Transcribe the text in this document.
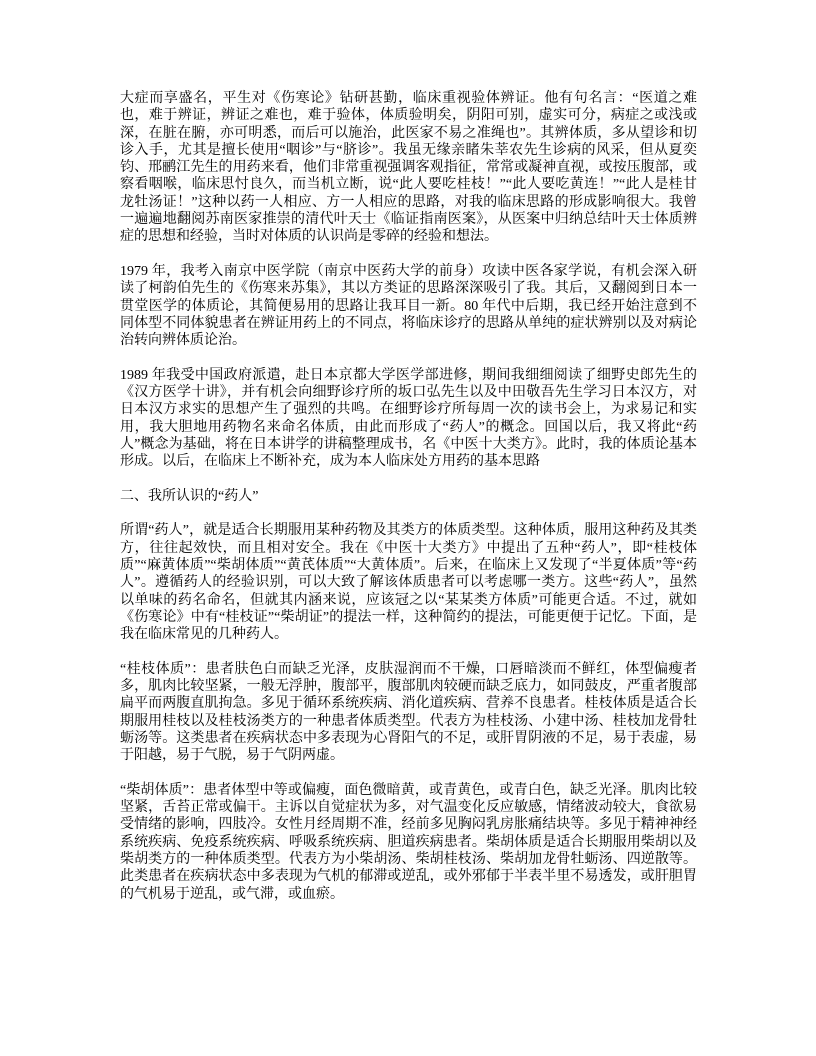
大症而享盛名，平生对《伤寒论》钻研甚勤，临床重视验体辨证。他有句名言：“医道之难也，难于辨证，辨证之难也，难于验体，体质验明矣，阴阳可别，虚实可分，病症之或浅或深，在脏在腑，亦可明悉，而后可以施治，此医家不易之准绳也”。其辨体质，多从望诊和切诊入手，尤其是擅长使用“咽诊”与“脐诊”。我虽无缘亲睹朱莘农先生诊病的风采，但从夏奕钧、邢鹂江先生的用药来看，他们非常重视强调客观指征，常常或凝神直视，或按压腹部，或察看咽喉，临床思忖良久，而当机立断，说“此人要吃桂枝！”“此人要吃黄连！”“此人是桂甘龙牡汤证！”这种以药一人相应、方一人相应的思路，对我的临床思路的形成影响很大。我曾一遍遍地翻阅苏南医家推崇的清代叶天士《临证指南医案》，从医案中归纳总结叶天士体质辨症的思想和经验，当时对体质的认识尚是零碎的经验和想法。

1979 年，我考入南京中医学院（南京中医药大学的前身）攻读中医各家学说，有机会深入研读了柯韵伯先生的《伤寒来苏集》，其以方类证的思路深深吸引了我。其后，又翻阅到日本一贯堂医学的体质论，其简便易用的思路让我耳目一新。80 年代中后期，我已经开始注意到不同体型不同体貌患者在辨证用药上的不同点，将临床诊疗的思路从单纯的症状辨别以及对病论治转向辨体质论治。

1989 年我受中国政府派遣，赴日本京都大学医学部进修，期间我细细阅读了细野史郎先生的《汉方医学十讲》，并有机会向细野诊疗所的坂口弘先生以及中田敬吾先生学习日本汉方，对日本汉方求实的思想产生了强烈的共鸣。在细野诊疗所每周一次的读书会上，为求易记和实用，我大胆地用药物名来命名体质，由此而形成了“药人”的概念。回国以后，我又将此“药人”概念为基础，将在日本讲学的讲稿整理成书，名《中医十大类方》。此时，我的体质论基本形成。以后，在临床上不断补充，成为本人临床处方用药的基本思路

二、我所认识的“药人”

所谓“药人”，就是适合长期服用某种药物及其类方的体质类型。这种体质，服用这种药及其类方，往往起效快，而且相对安全。我在《中医十大类方》中提出了五种“药人”，即“桂枝体质”“麻黄体质”“柴胡体质”“黄芪体质”“大黄体质”。后来，在临床上又发现了“半夏体质”等“药人”。遵循药人的经验识别，可以大致了解该体质患者可以考虑哪一类方。这些“药人”，虽然以单味的药名命名，但就其内涵来说，应该冠之以“某某类方体质”可能更合适。不过，就如《伤寒论》中有“桂枝证”“柴胡证”的提法一样，这种简约的提法，可能更便于记忆。下面，是我在临床常见的几种药人。

“桂枝体质”：患者肤色白而缺乏光泽，皮肤湿润而不干燥，口唇暗淡而不鲜红，体型偏瘦者多，肌肉比较坚紧，一般无浮肿，腹部平，腹部肌肉较硬而缺乏底力，如同鼓皮，严重者腹部扁平而两腹直肌拘急。多见于循环系统疾病、消化道疾病、营养不良患者。桂枝体质是适合长期服用桂枝以及桂枝汤类方的一种患者体质类型。代表方为桂枝汤、小建中汤、桂枝加龙骨牡蛎汤等。这类患者在疾病状态中多表现为心肾阳气的不足，或肝胃阴液的不足，易于表虚，易于阳越，易于气脱，易于气阴两虚。

“柴胡体质”：患者体型中等或偏瘦，面色微暗黄，或青黄色，或青白色，缺乏光泽。肌肉比较坚紧，舌苔正常或偏干。主诉以自觉症状为多，对气温变化反应敏感，情绪波动较大，食欲易受情绪的影响，四肢冷。女性月经周期不准，经前多见胸闷乳房胀痛结块等。多见于精神神经系统疾病、免疫系统疾病、呼吸系统疾病、胆道疾病患者。柴胡体质是适合长期服用柴胡以及柴胡类方的一种体质类型。代表方为小柴胡汤、柴胡桂枝汤、柴胡加龙骨牡蛎汤、四逆散等。此类患者在疾病状态中多表现为气机的郁滞或逆乱，或外邪郁于半表半里不易透发，或肝胆胃的气机易于逆乱，或气滞，或血瘀。
